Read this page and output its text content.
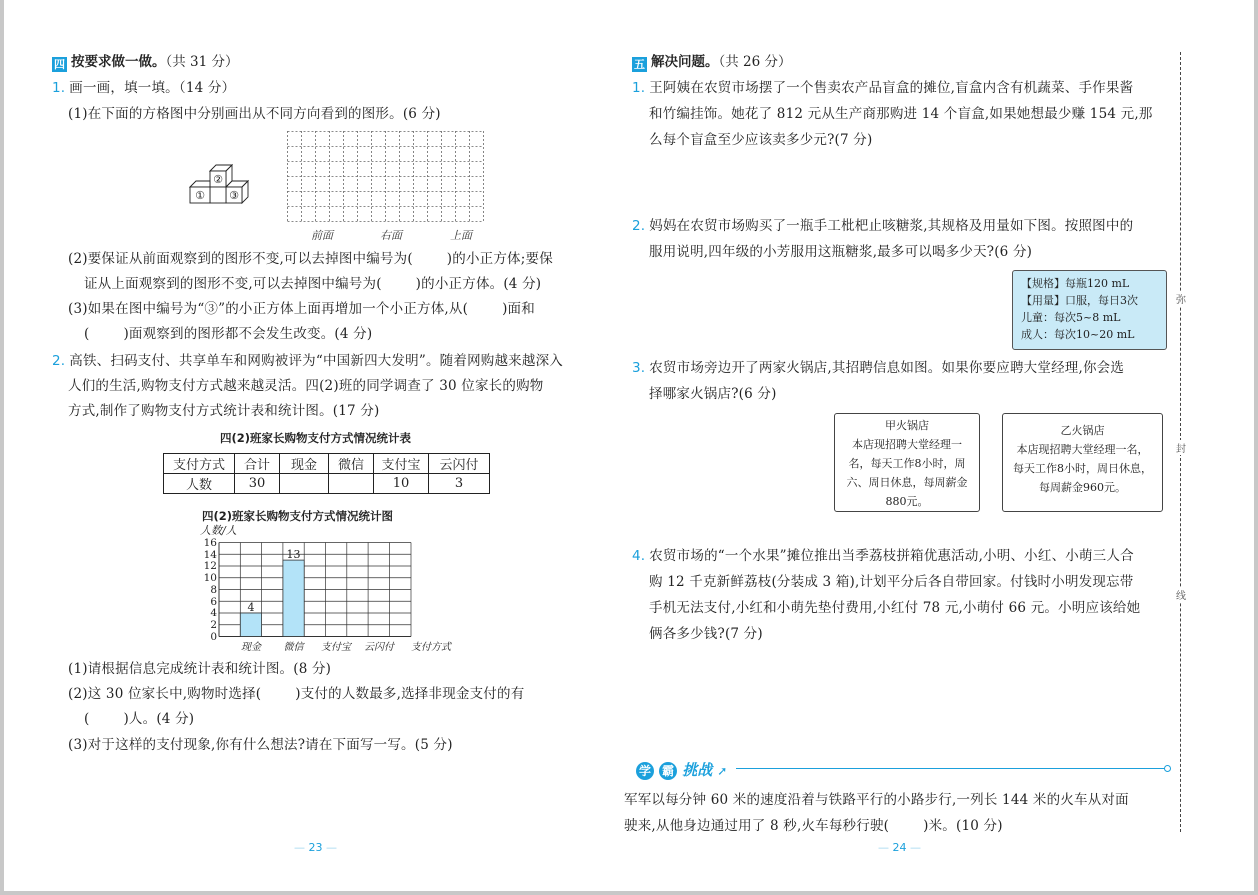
四 按要求做一做。（共 31 分）
1. 画一画，填一填。（14 分）
(1)在下面的方格图中分别画出从不同方向看到的图形。(6 分)
②
③
①
前面	右面	上面
(2)要保证从前面观察到的图形不变,可以去掉图中编号为(	)的小正方体;要保
证从上面观察到的图形不变,可以去掉图中编号为(	)的小正方体。(4 分)
(3)如果在图中编号为“③”的小正方体上面再增加一个小正方体,从(	)面和
(	)面观察到的图形都不会发生改变。(4 分)
2. 高铁、扫码支付、共享单车和网购被评为“中国新四大发明”。随着网购越来越深入
人们的生活,购物支付方式越来越灵活。四(2)班的同学调查了 30 位家长的购物
方式,制作了购物支付方式统计表和统计图。(17 分)
四(2)班家长购物支付方式情况统计表
支付方式	合计	现金	微信	支付宝	云闪付
人数	30			10	3
四(2)班家长购物支付方式情况统计图
人数/人
4
13
0
2
4
6
8
10
12
14
16
现金 微信 支付宝 云闪付 支付方式
(1)请根据信息完成统计表和统计图。(8 分)
(2)这 30 位家长中,购物时选择(	)支付的人数最多,选择非现金支付的有
(	)人。(4 分)
(3)对于这样的支付现象,你有什么想法?请在下面写一写。(5 分)
— 23 —
五 解决问题。（共 26 分）
1. 王阿姨在农贸市场摆了一个售卖农产品盲盒的摊位,盲盒内含有机蔬菜、手作果酱
和竹编挂饰。她花了 812 元从生产商那购进 14 个盲盒,如果她想最少赚 154 元,那
么每个盲盒至少应该卖多少元?(7 分)
2. 妈妈在农贸市场购买了一瓶手工枇杷止咳糖浆,其规格及用量如下图。按照图中的
服用说明,四年级的小芳服用这瓶糖浆,最多可以喝多少天?(6 分)
【规格】每瓶120 mL
【用量】口服，每日3次
儿童：每次5~8 mL
成人：每次10~20 mL
3. 农贸市场旁边开了两家火锅店,其招聘信息如图。如果你要应聘大堂经理,你会选
择哪家火锅店?(6 分)
甲火锅店
本店现招聘大堂经理一
名，每天工作8小时，周
六、周日休息，每周薪金
880元。
乙火锅店
本店现招聘大堂经理一名，
每天工作8小时，周日休息，
每周薪金960元。
4. 农贸市场的“一个水果”摊位推出当季荔枝拼箱优惠活动,小明、小红、小萌三人合
购 12 千克新鲜荔枝(分装成 3 箱),计划平分后各自带回家。付钱时小明发现忘带
手机无法支付,小红和小萌先垫付费用,小红付 78 元,小萌付 66 元。小明应该给她
俩各多少钱?(7 分)
学 霸 挑战 ➚
军军以每分钟 60 米的速度沿着与铁路平行的小路步行,一列长 144 米的火车从对面
驶来,从他身边通过用了 8 秒,火车每秒行驶(	)米。(10 分)
— 24 —
弥
封
线
